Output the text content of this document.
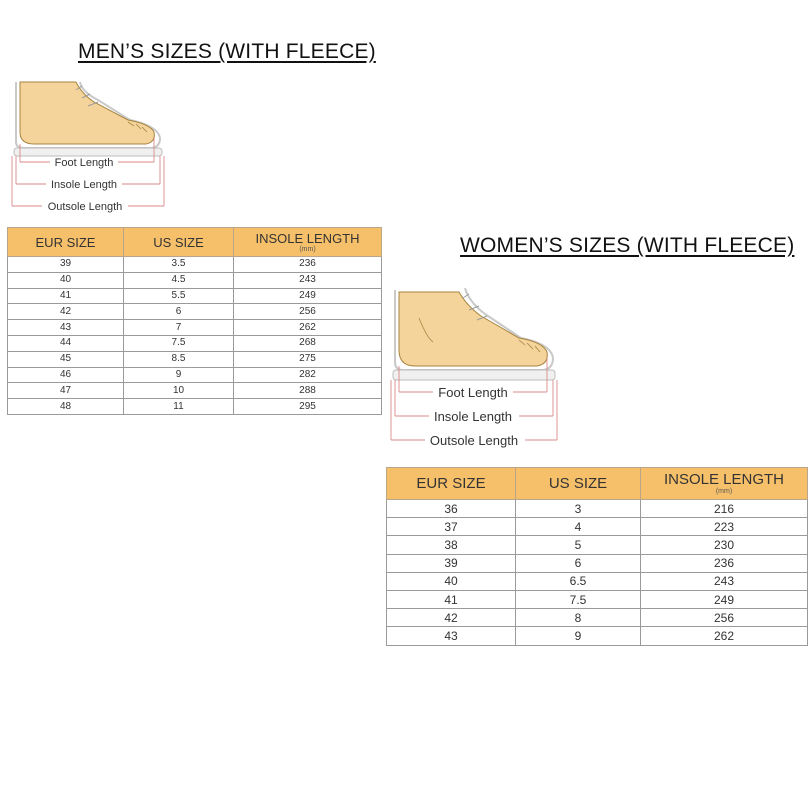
MEN’S SIZES (WITH FLEECE)
Foot Length
Insole Length
Outsole Length
EUR SIZE	US SIZE	INSOLE LENGTH
(mm)

39	3.5	236
40	4.5	243
41	5.5	249
42	6	256
43	7	262
44	7.5	268
45	8.5	275
46	9	282
47	10	288
48	11	295
WOMEN’S SIZES (WITH FLEECE)
Foot Length
Insole Length
Outsole Length
EUR SIZE	US SIZE	INSOLE LENGTH
(mm)

36	3	216
37	4	223
38	5	230
39	6	236
40	6.5	243
41	7.5	249
42	8	256
43	9	262
